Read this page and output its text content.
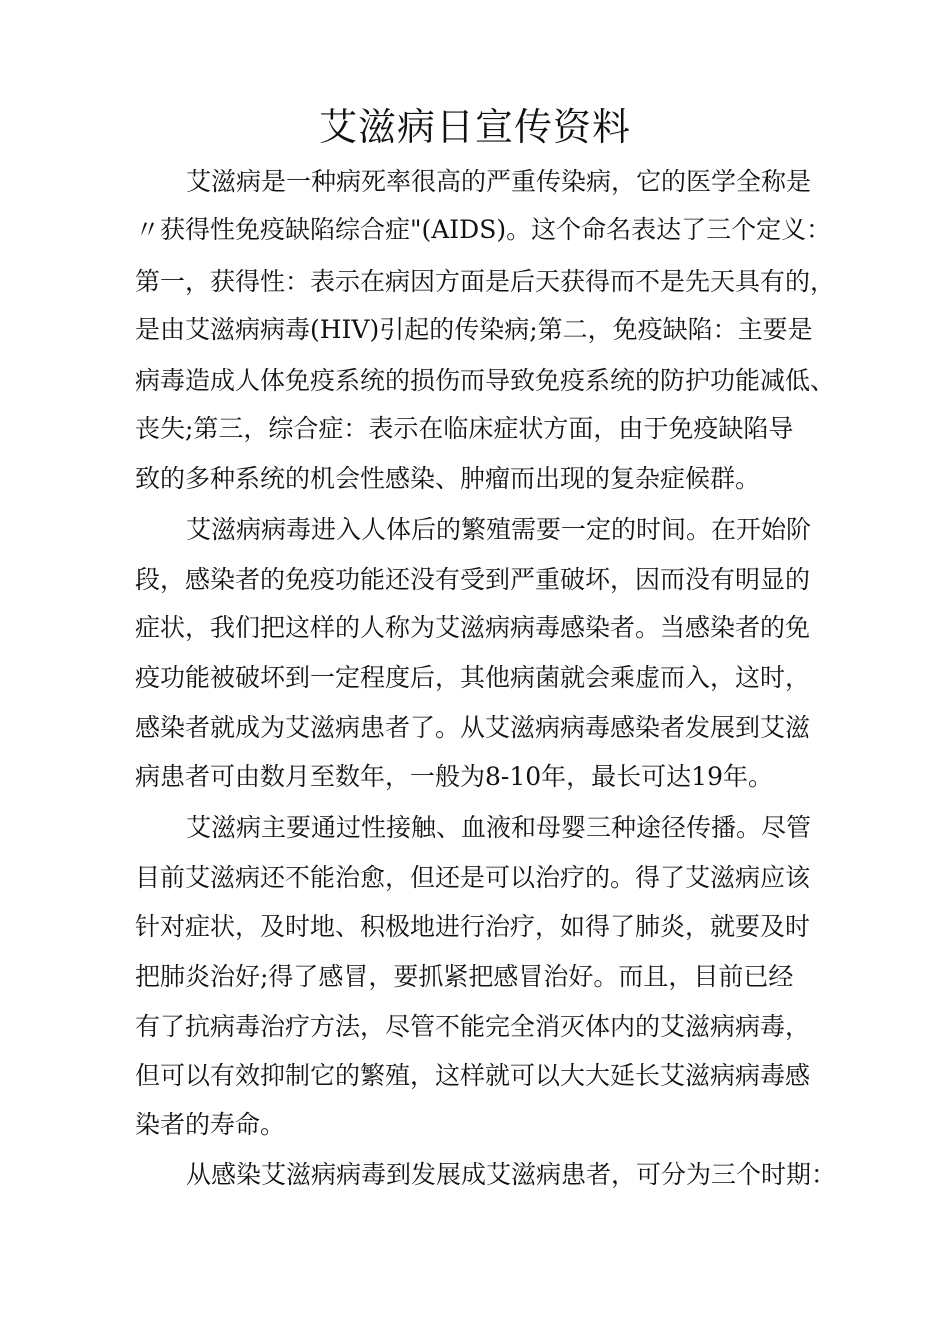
艾滋病日宣传资料
艾滋病是一种病死率很高的严重传染病，它的医学全称是
〃获得性免疫缺陷综合症"(AIDS)。这个命名表达了三个定义：
第一，获得性：表示在病因方面是后天获得而不是先天具有的，
是由艾滋病病毒(HIV)引起的传染病;第二，免疫缺陷：主要是
病毒造成人体免疫系统的损伤而导致免疫系统的防护功能减低、
丧失;第三，综合症：表示在临床症状方面，由于免疫缺陷导
致的多种系统的机会性感染、肿瘤而出现的复杂症候群。
艾滋病病毒进入人体后的繁殖需要一定的时间。在开始阶
段，感染者的免疫功能还没有受到严重破坏，因而没有明显的
症状，我们把这样的人称为艾滋病病毒感染者。当感染者的免
疫功能被破坏到一定程度后，其他病菌就会乘虚而入，这时，
感染者就成为艾滋病患者了。从艾滋病病毒感染者发展到艾滋
病患者可由数月至数年，一般为8-10年，最长可达19年。
艾滋病主要通过性接触、血液和母婴三种途径传播。尽管
目前艾滋病还不能治愈，但还是可以治疗的。得了艾滋病应该
针对症状，及时地、积极地进行治疗，如得了肺炎，就要及时
把肺炎治好;得了感冒，要抓紧把感冒治好。而且，目前已经
有了抗病毒治疗方法，尽管不能完全消灭体内的艾滋病病毒，
但可以有效抑制它的繁殖，这样就可以大大延长艾滋病病毒感
染者的寿命。
从感染艾滋病病毒到发展成艾滋病患者，可分为三个时期：
